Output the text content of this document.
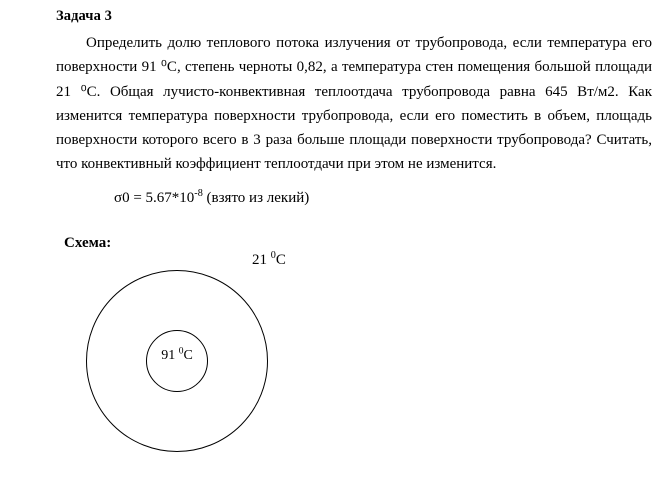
Задача 3

Определить долю теплового потока излучения от трубопровода, если температура его поверхности 91 ⁰С, степень черноты 0,82, а температура стен помещения большой площади 21 ⁰С. Общая лучисто-конвективная теплоотдача трубопровода равна 645 Вт/м2. Как изменится температура поверхности трубопровода, если его поместить в объем, площадь поверхности которого всего в 3 раза больше площади поверхности трубопровода? Считать, что конвективный коэффициент теплоотдачи при этом не изменится.

$\sigma 0 = 5.67*10^{-8}$ (взято из лекий)

Схема:

91 $^0$С
21 $^0$С
